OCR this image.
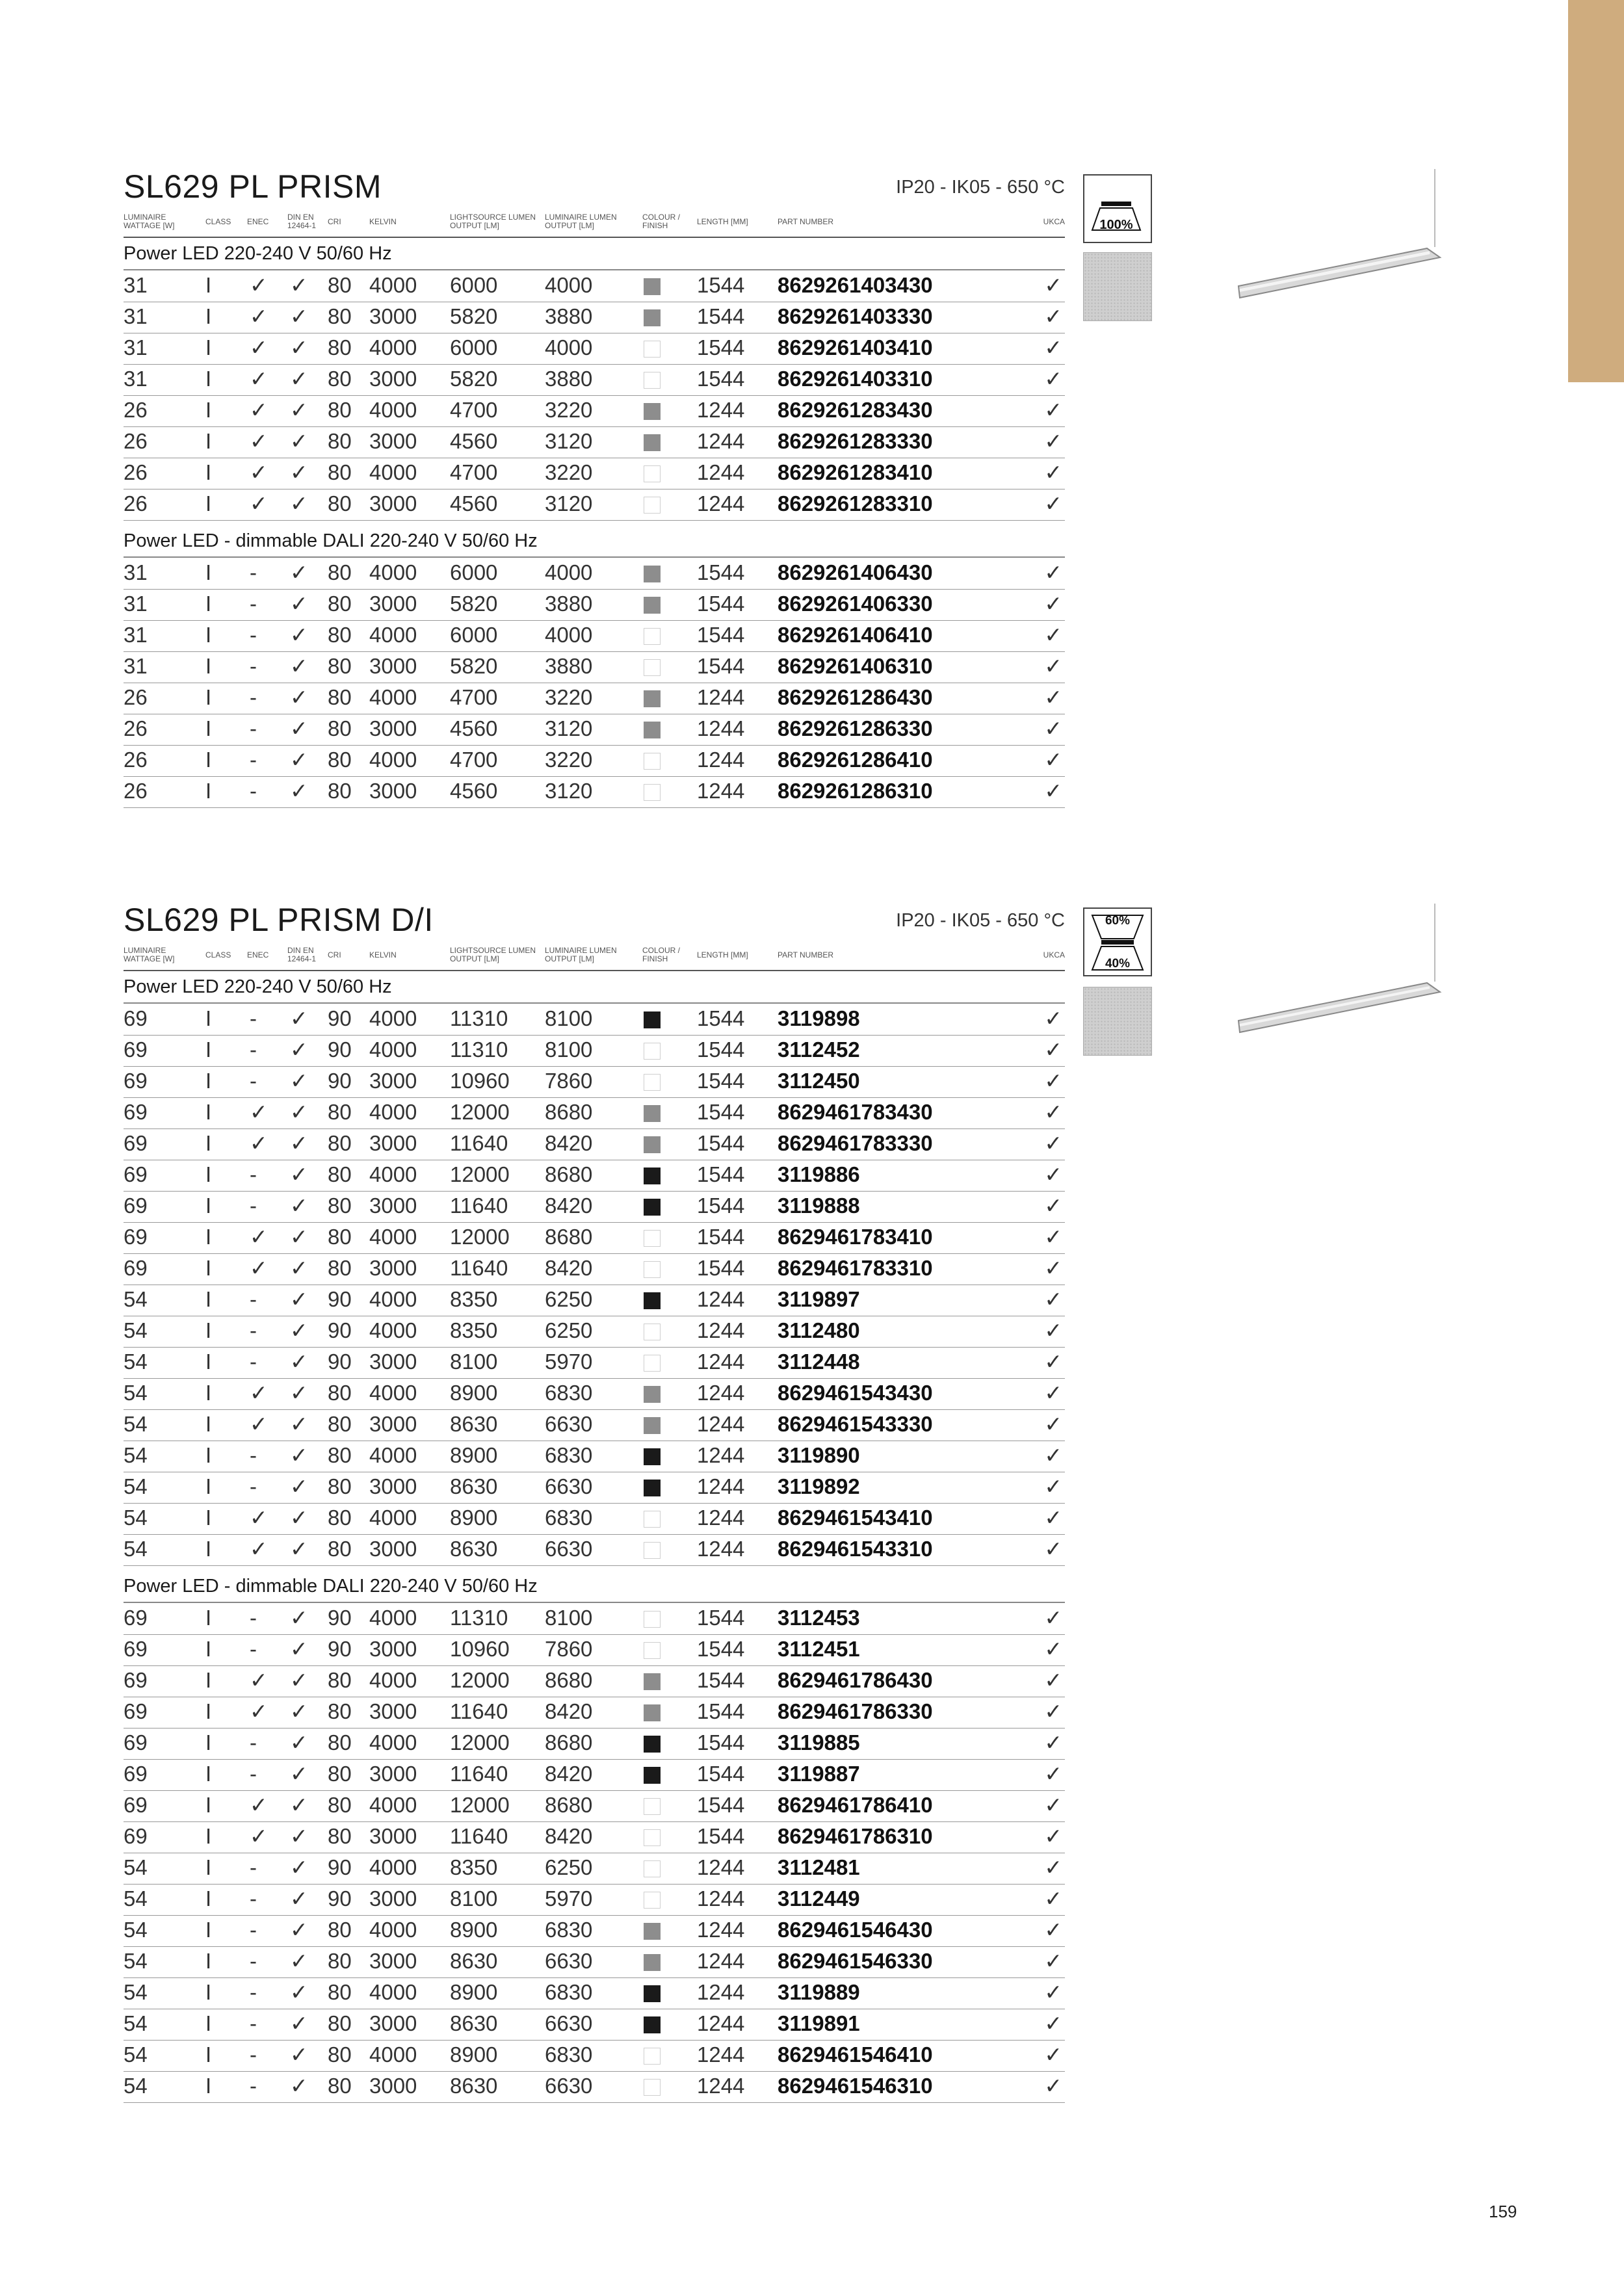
SL629 PL PRISM	IP20 - IK05 - 650 °C
LUMINAIRE
WATTAGE [W]	CLASS ENEC DIN EN
12464-1 CRI	KELVIN	LIGHTSOURCE LUMEN
OUTPUT [LM]
LUMINAIRE LUMEN
OUTPUT [LM]
COLOUR /
FINISH	LENGTH [MM]	PART NUMBER	UKCA
Power LED 220-240 V 50/60 Hz
31	I ✓ ✓ 80 4000 6000 4000	1544 8629261403430	✓
31	I ✓ ✓ 80 3000 5820 3880	1544 8629261403330	✓
31	I ✓ ✓ 80 4000 6000 4000	1544 8629261403410	✓
31	I ✓ ✓ 80 3000 5820 3880	1544 8629261403310	✓
26	I ✓ ✓ 80 4000 4700 3220	1244 8629261283430	✓
26	I ✓ ✓ 80 3000 4560 3120	1244 8629261283330	✓
26	I ✓ ✓ 80 4000 4700 3220	1244 8629261283410	✓
26	I ✓ ✓ 80 3000 4560 3120	1244 8629261283310	✓
Power LED - dimmable DALI 220-240 V 50/60 Hz
31	I - ✓ 80 4000 6000 4000	1544 8629261406430	✓
31	I - ✓ 80 3000 5820 3880	1544 8629261406330	✓
31	I - ✓ 80 4000 6000 4000	1544 8629261406410	✓
31	I - ✓ 80 3000 5820 3880	1544 8629261406310	✓
26	I - ✓ 80 4000 4700 3220	1244 8629261286430	✓
26	I - ✓ 80 3000 4560 3120	1244 8629261286330	✓
26	I - ✓ 80 4000 4700 3220	1244 8629261286410	✓
26	I - ✓ 80 3000 4560 3120	1244 8629261286310	✓
100%
SL629 PL PRISM D/I	IP20 - IK05 - 650 °C
LUMINAIRE
WATTAGE [W]	CLASS ENEC DIN EN
12464-1 CRI	KELVIN	LIGHTSOURCE LUMEN
OUTPUT [LM]
LUMINAIRE LUMEN
OUTPUT [LM]
COLOUR /
FINISH	LENGTH [MM]	PART NUMBER	UKCA
Power LED 220-240 V 50/60 Hz
69	I - ✓ 90 4000 11310 8100	1544 3119898	✓
69	I - ✓ 90 4000 11310 8100	1544 3112452	✓
69	I - ✓ 90 3000 10960 7860	1544 3112450	✓
69	I ✓ ✓ 80 4000 12000 8680	1544 8629461783430	✓
69	I ✓ ✓ 80 3000 11640 8420	1544 8629461783330	✓
69	I - ✓ 80 4000 12000 8680	1544 3119886	✓
69	I - ✓ 80 3000 11640 8420	1544 3119888	✓
69	I ✓ ✓ 80 4000 12000 8680	1544 8629461783410	✓
69	I ✓ ✓ 80 3000 11640 8420	1544 8629461783310	✓
54	I - ✓ 90 4000 8350 6250	1244 3119897	✓
54	I - ✓ 90 4000 8350 6250	1244 3112480	✓
54	I - ✓ 90 3000 8100 5970	1244 3112448	✓
54	I ✓ ✓ 80 4000 8900 6830	1244 8629461543430	✓
54	I ✓ ✓ 80 3000 8630 6630	1244 8629461543330	✓
54	I - ✓ 80 4000 8900 6830	1244 3119890	✓
54	I - ✓ 80 3000 8630 6630	1244 3119892	✓
54	I ✓ ✓ 80 4000 8900 6830	1244 8629461543410	✓
54	I ✓ ✓ 80 3000 8630 6630	1244 8629461543310	✓
Power LED - dimmable DALI 220-240 V 50/60 Hz
69	I - ✓ 90 4000 11310 8100	1544 3112453	✓
69	I - ✓ 90 3000 10960 7860	1544 3112451	✓
69	I ✓ ✓ 80 4000 12000 8680	1544 8629461786430	✓
69	I ✓ ✓ 80 3000 11640 8420	1544 8629461786330	✓
69	I - ✓ 80 4000 12000 8680	1544 3119885	✓
69	I - ✓ 80 3000 11640 8420	1544 3119887	✓
69	I ✓ ✓ 80 4000 12000 8680	1544 8629461786410	✓
69	I ✓ ✓ 80 3000 11640 8420	1544 8629461786310	✓
54	I - ✓ 90 4000 8350 6250	1244 3112481	✓
54	I - ✓ 90 3000 8100 5970	1244 3112449	✓
54	I - ✓ 80 4000 8900 6830	1244 8629461546430	✓
54	I - ✓ 80 3000 8630 6630	1244 8629461546330	✓
54	I - ✓ 80 4000 8900 6830	1244 3119889	✓
54	I - ✓ 80 3000 8630 6630	1244 3119891	✓
54	I - ✓ 80 4000 8900 6830	1244 8629461546410	✓
54	I - ✓ 80 3000 8630 6630	1244 8629461546310	✓
60%
40%
159
